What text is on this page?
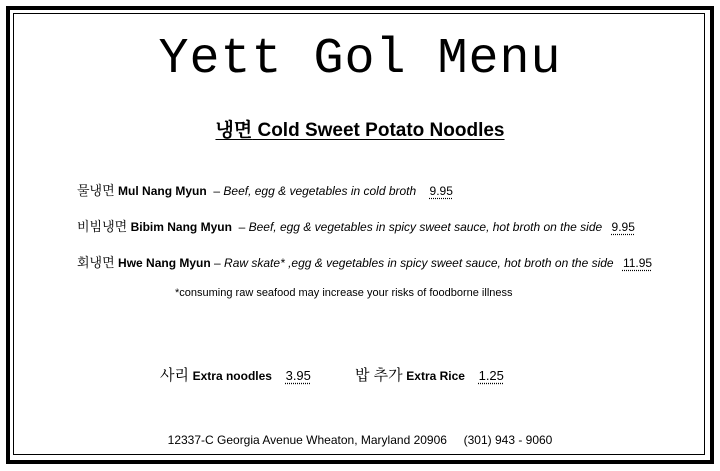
Yett Gol Menu
냉면 Cold Sweet Potato Noodles
물냉면 Mul Nang Myun  – Beef, egg & vegetables in cold broth 9.95
비빔냉면 Bibim Nang Myun  – Beef, egg & vegetables in spicy sweet sauce, hot broth on the side 9.95
회냉면 Hwe Nang Myun – Raw skate* ,egg & vegetables in spicy sweet sauce, hot broth on the side 11.95
*consuming raw seafood may increase your risks of foodborne illness
사리 Extra noodles 3.95	밥 추가 Extra Rice 1.25
12337-C Georgia Avenue Wheaton, Maryland 20906 (301) 943 - 9060
